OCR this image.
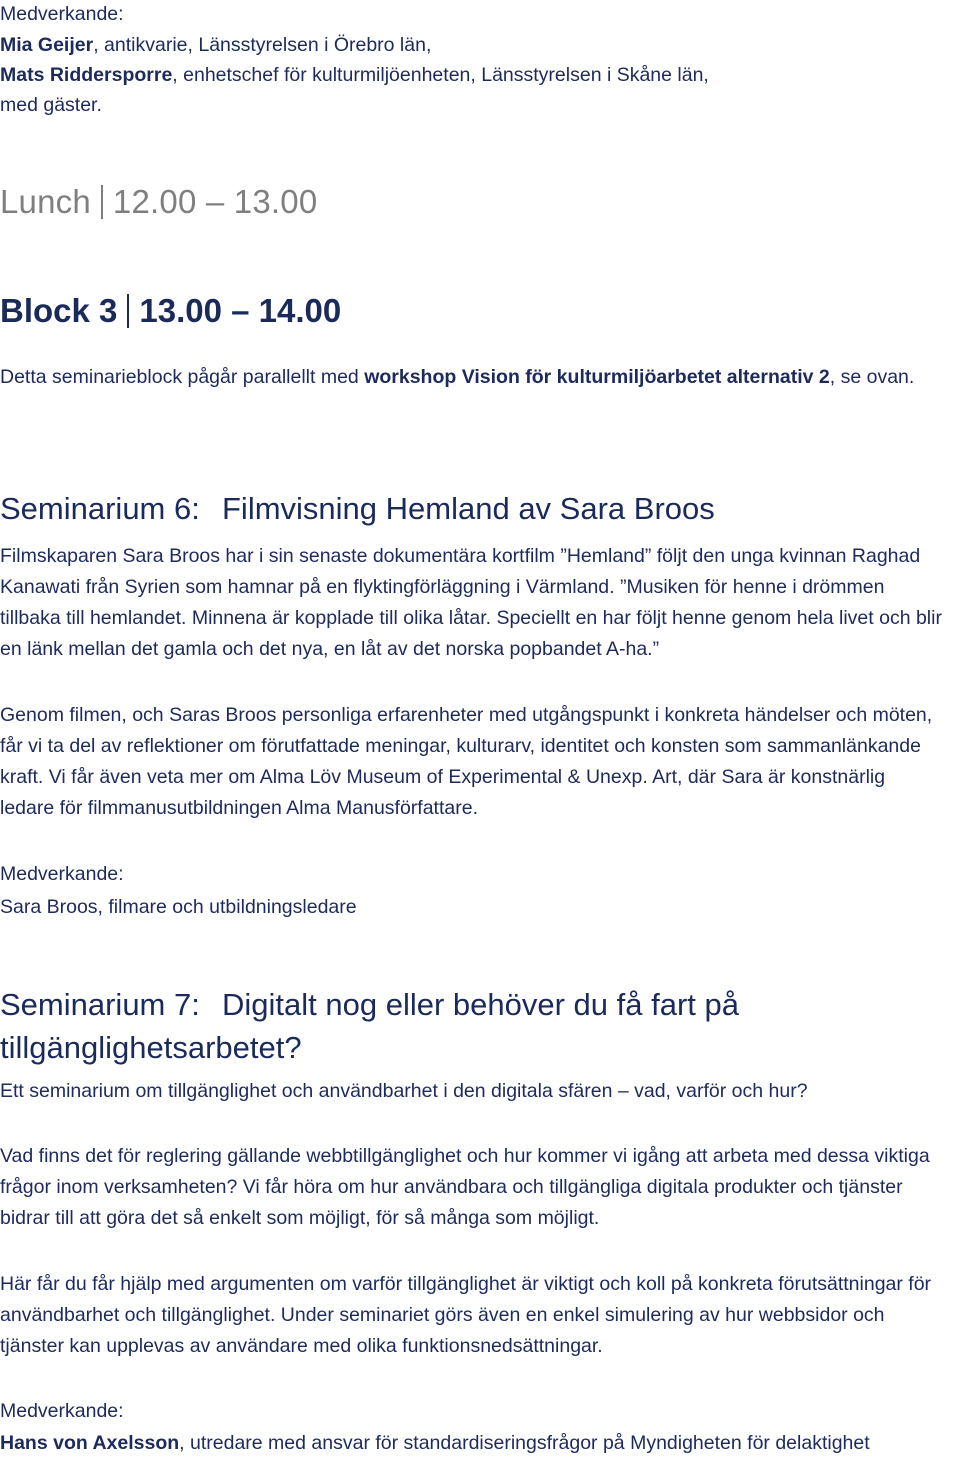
Medverkande:
Mia Geijer, antikvarie, Länsstyrelsen i Örebro län,
Mats Riddersporre, enhetschef för kulturmiljöenheten, Länsstyrelsen i Skåne län,
med gäster.
Lunch 12.00 – 13.00
Block 3 13.00 – 14.00
Detta seminarieblock pågår parallellt med workshop Vision för kulturmiljöarbetet alternativ 2, se ovan.
Seminarium 6: Filmvisning Hemland av Sara Broos
Filmskaparen Sara Broos har i sin senaste dokumentära kortfilm ”Hemland” följt den unga kvinnan Raghad Kanawati från Syrien som hamnar på en flyktingförläggning i Värmland. ”Musiken för henne i drömmen tillbaka till hemlandet. Minnena är kopplade till olika låtar. Speciellt en har följt henne genom hela livet och blir en länk mellan det gamla och det nya, en låt av det norska popbandet A-ha.”
Genom filmen, och Saras Broos personliga erfarenheter med utgångspunkt i konkreta händelser och möten, får vi ta del av reflektioner om förutfattade meningar, kulturarv, identitet och konsten som sammanlänkande kraft. Vi får även veta mer om Alma Löv Museum of Experimental & Unexp. Art, där Sara är konstnärlig ledare för filmmanusutbildningen Alma Manusförfattare.
Medverkande:
Sara Broos, filmare och utbildningsledare
Seminarium 7: Digitalt nog eller behöver du få fart på
tillgänglighetsarbetet?
Ett seminarium om tillgänglighet och användbarhet i den digitala sfären – vad, varför och hur?
Vad finns det för reglering gällande webbtillgänglighet och hur kommer vi igång att arbeta med dessa viktiga frågor inom verksamheten? Vi får höra om hur användbara och tillgängliga digitala produkter och tjänster bidrar till att göra det så enkelt som möjligt, för så många som möjligt.
Här får du får hjälp med argumenten om varför tillgänglighet är viktigt och koll på konkreta förutsättningar för användbarhet och tillgänglighet. Under seminariet görs även en enkel simulering av hur webbsidor och tjänster kan upplevas av användare med olika funktionsnedsättningar.
Medverkande:
Hans von Axelsson, utredare med ansvar för standardiseringsfrågor på Myndigheten för delaktighet
